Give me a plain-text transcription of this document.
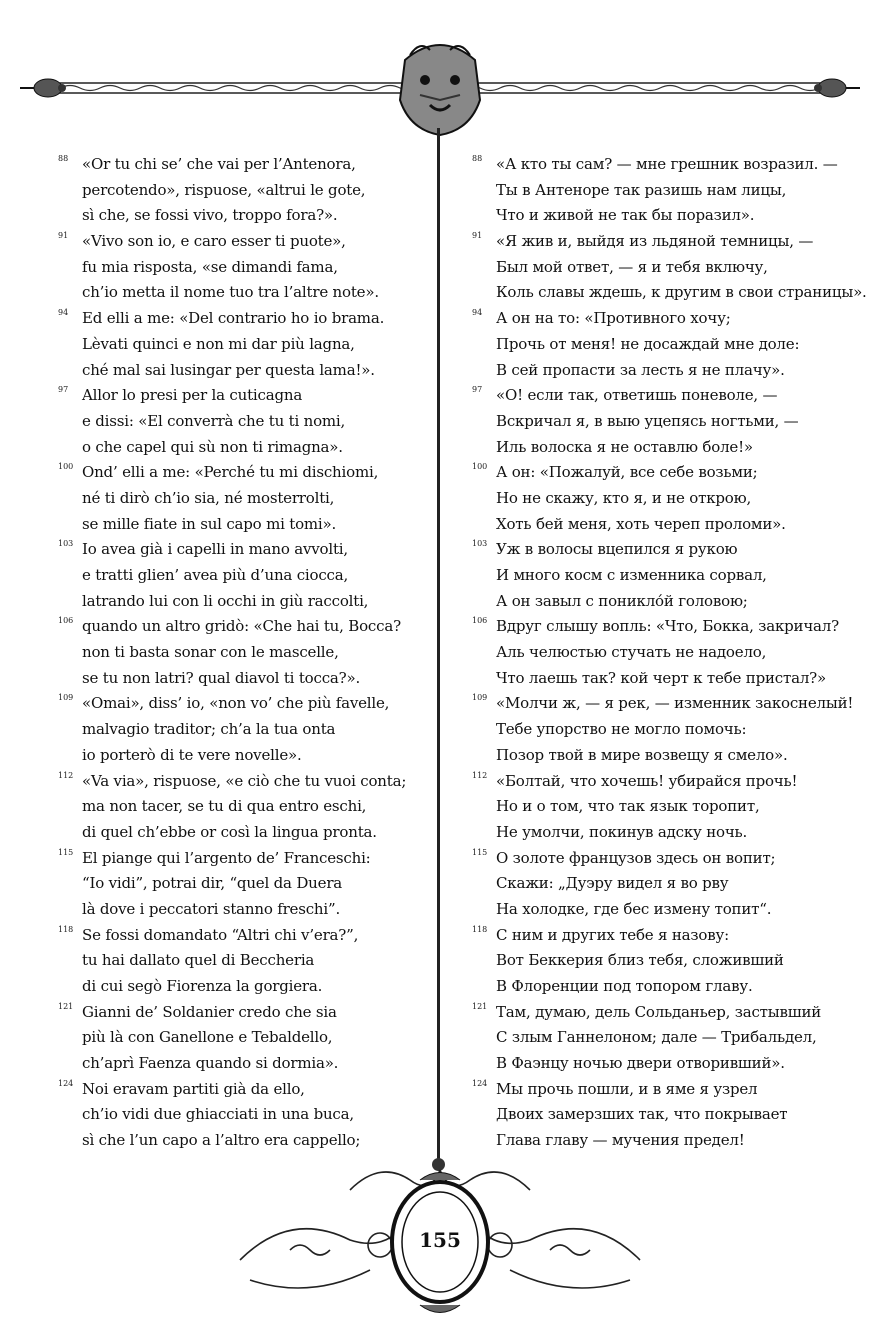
88 «Or tu chi se’ che vai per l’Antenora,
percotendo», rispuose, «altrui le gote,
sì che, se fossi vivo, troppo fora?».
91 «Vivo son io, e caro esser ti puote»,
fu mia risposta, «se dimandi fama,
ch’io metta il nome tuo tra l’altre note».
94 Ed elli a me: «Del contrario ho io brama.
Lèvati quinci e non mi dar più lagna,
ché mal sai lusingar per questa lama!».
97 Allor lo presi per la cuticagna
e dissi: «El converrà che tu ti nomi,
o che capel qui sù non ti rimagna».
100 Ond’ elli a me: «Perché tu mi dischiomi,
né ti dirò ch’io sia, né mosterrolti,
se mille fiate in sul capo mi tomi».
103 Io avea già i capelli in mano avvolti,
e tratti glien’ avea più d’una ciocca,
latrando lui con li occhi in giù raccolti,
106 quando un altro gridò: «Che hai tu, Bocca?
non ti basta sonar con le mascelle,
se tu non latri? qual diavol ti tocca?».
109 «Omai», diss’ io, «non vo’ che più favelle,
malvagio traditor; ch’a la tua onta
io porterò di te vere novelle».
112 «Va via», rispuose, «e ciò che tu vuoi conta;
ma non tacer, se tu di qua entro eschi,
di quel ch’ebbe or così la lingua pronta.
115 El piange qui l’argento de’ Franceschi:
“Io vidi”, potrai dir, “quel da Duera
là dove i peccatori stanno freschi”.
118 Se fossi domandato “Altri chi v’era?”,
tu hai dallato quel di Beccheria
di cui segò Fiorenza la gorgiera.
121 Gianni de’ Soldanier credo che sia
più là con Ganellone e Tebaldello,
ch’aprì Faenza quando si dormia».
124 Noi eravam partiti già da ello,
ch’io vidi due ghiacciati in una buca,
sì che l’un capo a l’altro era cappello;
88 «А кто ты сам? — мне грешник возразил. —
Ты в Антеноре так разишь нам лицы,
Что и живой не так бы поразил».
91 «Я жив и, выйдя из льдяной темницы, —
Был мой ответ, — я и тебя включу,
Коль славы ждешь, к другим в свои страницы».
94 А он на то: «Противного хочу;
Прочь от меня! не досаждай мне доле:
В сей пропасти за лесть я не плачу».
97 «О! если так, ответишь поневоле, —
Вскричал я, в выю уцепясь ногтьми, —
Иль волоска я не оставлю боле!»
100 А он: «Пожалуй, все себе возьми;
Но не скажу, кто я, и не открою,
Хоть бей меня, хоть череп проломи».
103 Уж в волосы вцепился я рукою
И много косм с изменника сорвал,
А он завыл с поникло́й головою;
106 Вдруг слышу вопль: «Что, Бокка, закричал?
Аль челюстью стучать не надоело,
Что лаешь так? кой черт к тебе пристал?»
109 «Молчи ж, — я рек, — изменник закоснелый!
Тебе упорство не могло помочь:
Позор твой в мире возвещу я смело».
112 «Болтай, что хочешь! убирайся прочь!
Но и о том, что так язык торопит,
Не умолчи, покинув адску ночь.
115 О золоте французов здесь он вопит;
Скажи: „Дуэру видел я во рву
На холодке, где бес измену топит“.
118 С ним и других тебе я назову:
Вот Беккерия близ тебя, сложивший
В Флоренции под топором главу.
121 Там, думаю, дель Сольданьер, застывший
С злым Ганнелоном; дале — Трибальдел,
В Фаэнцу ночью двери отворивший».
124 Мы прочь пошли, и в яме я узрел
Двоих замерзших так, что покрывает
Глава главу — мучения предел!
155
